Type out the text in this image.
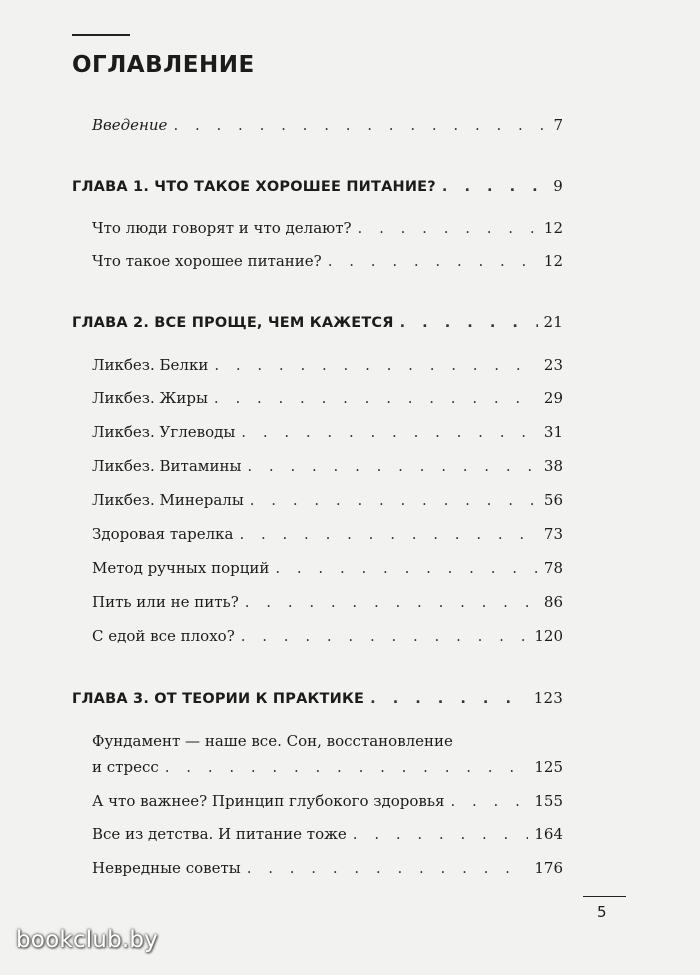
ОГЛАВЛЕНИЕ
Введение . . .	7
ГЛАВА 1. ЧТО ТАКОЕ ХОРОШЕЕ ПИТАНИЕ? . . .	9
Что люди говорят и что делают? . . .	12
Что такое хорошее питание? . . .	12
ГЛАВА 2. ВСЕ ПРОЩЕ, ЧЕМ КАЖЕТСЯ . . .	21
Ликбез. Белки . . .	23
Ликбез. Жиры . . .	29
Ликбез. Углеводы . . .	31
Ликбез. Витамины . . .	38
Ликбез. Минералы . . .	56
Здоровая тарелка . . .	73
Метод ручных порций . . .	78
Пить или не пить? . . .	86
С едой все плохо? . . .	120
ГЛАВА 3. ОТ ТЕОРИИ К ПРАКТИКЕ . . .	123
Фундамент — наше все. Сон, восстановление
и стресс . . .	125
А что важнее? Принцип глубокого здоровья . . .	155
Все из детства. И питание тоже . . .	164
Невредные советы . . .	176
5
bookclub.by
